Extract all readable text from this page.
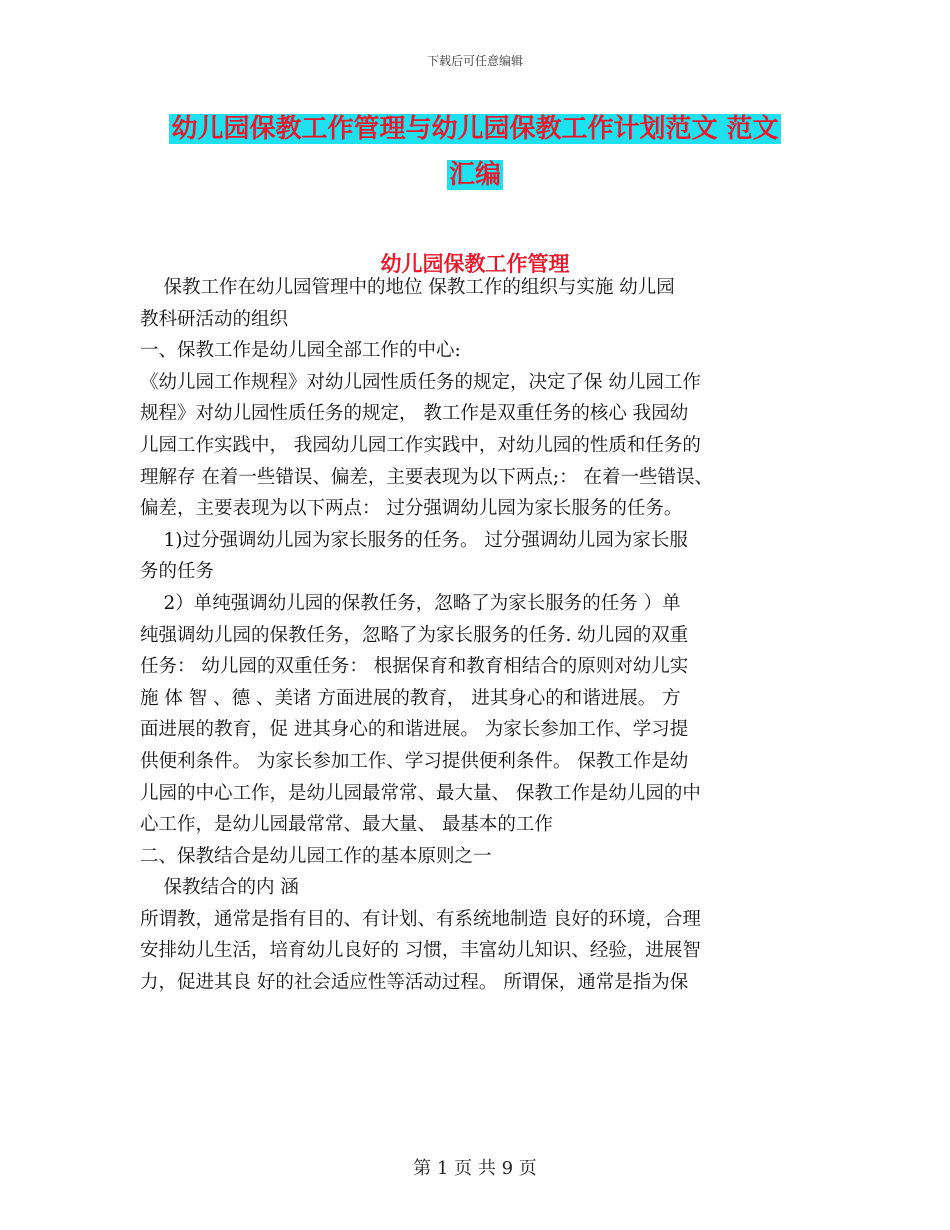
下载后可任意编辑
幼儿园保教工作管理与幼儿园保教工作计划范文 范文
汇编
幼儿园保教工作管理

保教工作在幼儿园管理中的地位 保教工作的组织与实施 幼儿园

教科研活动的组织

一、保教工作是幼儿园全部工作的中心:

《幼儿园工作规程》对幼儿园性质任务的规定，决定了保 幼儿园工作

规程》对幼儿园性质任务的规定， 教工作是双重任务的核心 我园幼

儿园工作实践中， 我园幼儿园工作实践中，对幼儿园的性质和任务的

理解存 在着一些错误、偏差，主要表现为以下两点;： 在着一些错误、

偏差，主要表现为以下两点： 过分强调幼儿园为家长服务的任务。

1)过分强调幼儿园为家长服务的任务。 过分强调幼儿园为家长服

务的任务

2）单纯强调幼儿园的保教任务，忽略了为家长服务的任务 ）单

纯强调幼儿园的保教任务，忽略了为家长服务的任务. 幼儿园的双重

任务： 幼儿园的双重任务： 根据保育和教育相结合的原则对幼儿实

施 体 智 、德 、美诸 方面进展的教育， 进其身心的和谐进展。 方

面进展的教育，促 进其身心的和谐进展。 为家长参加工作、学习提

供便利条件。 为家长参加工作、学习提供便利条件。 保教工作是幼

儿园的中心工作，是幼儿园最常常、最大量、 保教工作是幼儿园的中

心工作，是幼儿园最常常、最大量、 最基本的工作

二、保教结合是幼儿园工作的基本原则之一

保教结合的内 涵

所谓教，通常是指有目的、有计划、有系统地制造 良好的环境，合理

安排幼儿生活，培育幼儿良好的 习惯，丰富幼儿知识、经验，进展智

力，促进其良 好的社会适应性等活动过程。 所谓保，通常是指为保

第 1 页 共 9 页
